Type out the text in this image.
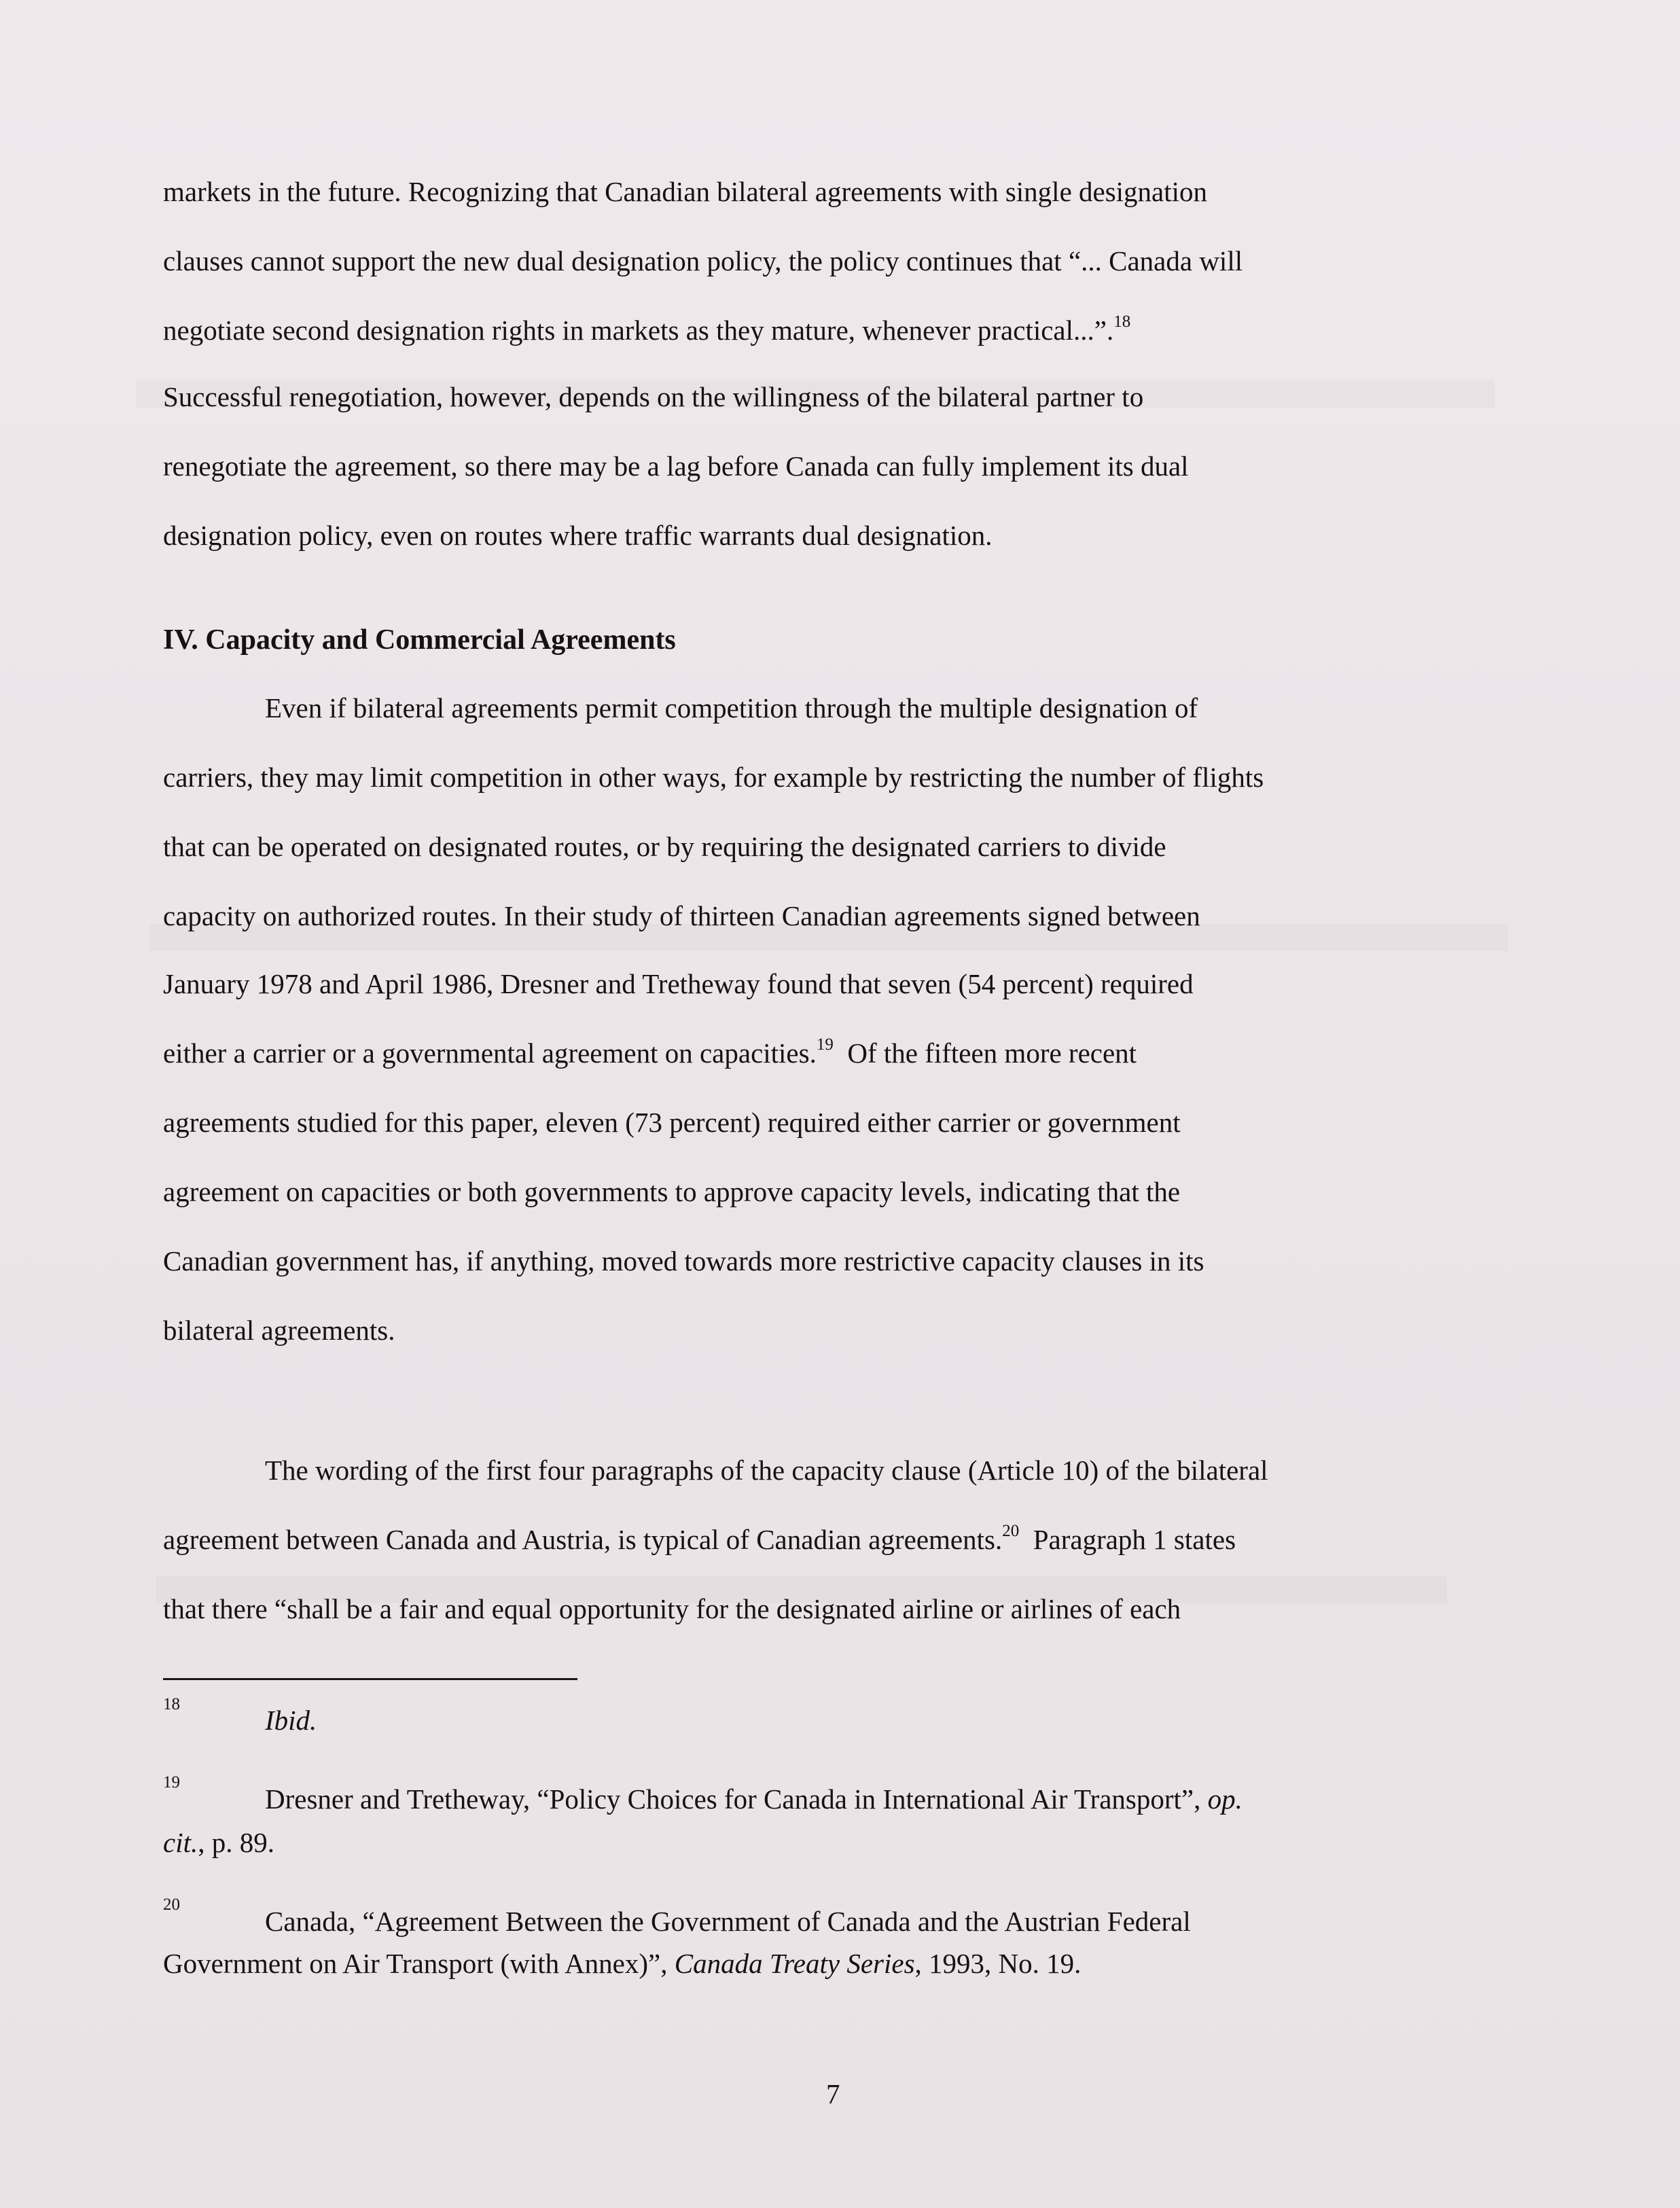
markets in the future. Recognizing that Canadian bilateral agreements with single designation
clauses cannot support the new dual designation policy, the policy continues that “... Canada will
negotiate second designation rights in markets as they mature, whenever practical...”.$^{18}$
Successful renegotiation, however, depends on the willingness of the bilateral partner to
renegotiate the agreement, so there may be a lag before Canada can fully implement its dual
designation policy, even on routes where traffic warrants dual designation.
IV. Capacity and Commercial Agreements
Even if bilateral agreements permit competition through the multiple designation of
carriers, they may limit competition in other ways, for example by restricting the number of flights
that can be operated on designated routes, or by requiring the designated carriers to divide
capacity on authorized routes. In their study of thirteen Canadian agreements signed between
January 1978 and April 1986, Dresner and Tretheway found that seven (54 percent) required
either a carrier or a governmental agreement on capacities.$^{19}$ Of the fifteen more recent
agreements studied for this paper, eleven (73 percent) required either carrier or government
agreement on capacities or both governments to approve capacity levels, indicating that the
Canadian government has, if anything, moved towards more restrictive capacity clauses in its
bilateral agreements.
The wording of the first four paragraphs of the capacity clause (Article 10) of the bilateral
agreement between Canada and Austria, is typical of Canadian agreements.$^{20}$ Paragraph 1 states
that there “shall be a fair and equal opportunity for the designated airline or airlines of each
18
Ibid.
19
Dresner and Tretheway, “Policy Choices for Canada in International Air Transport”, op.
cit., p. 89.
20
Canada, “Agreement Between the Government of Canada and the Austrian Federal
Government on Air Transport (with Annex)”, Canada Treaty Series, 1993, No. 19.
7
